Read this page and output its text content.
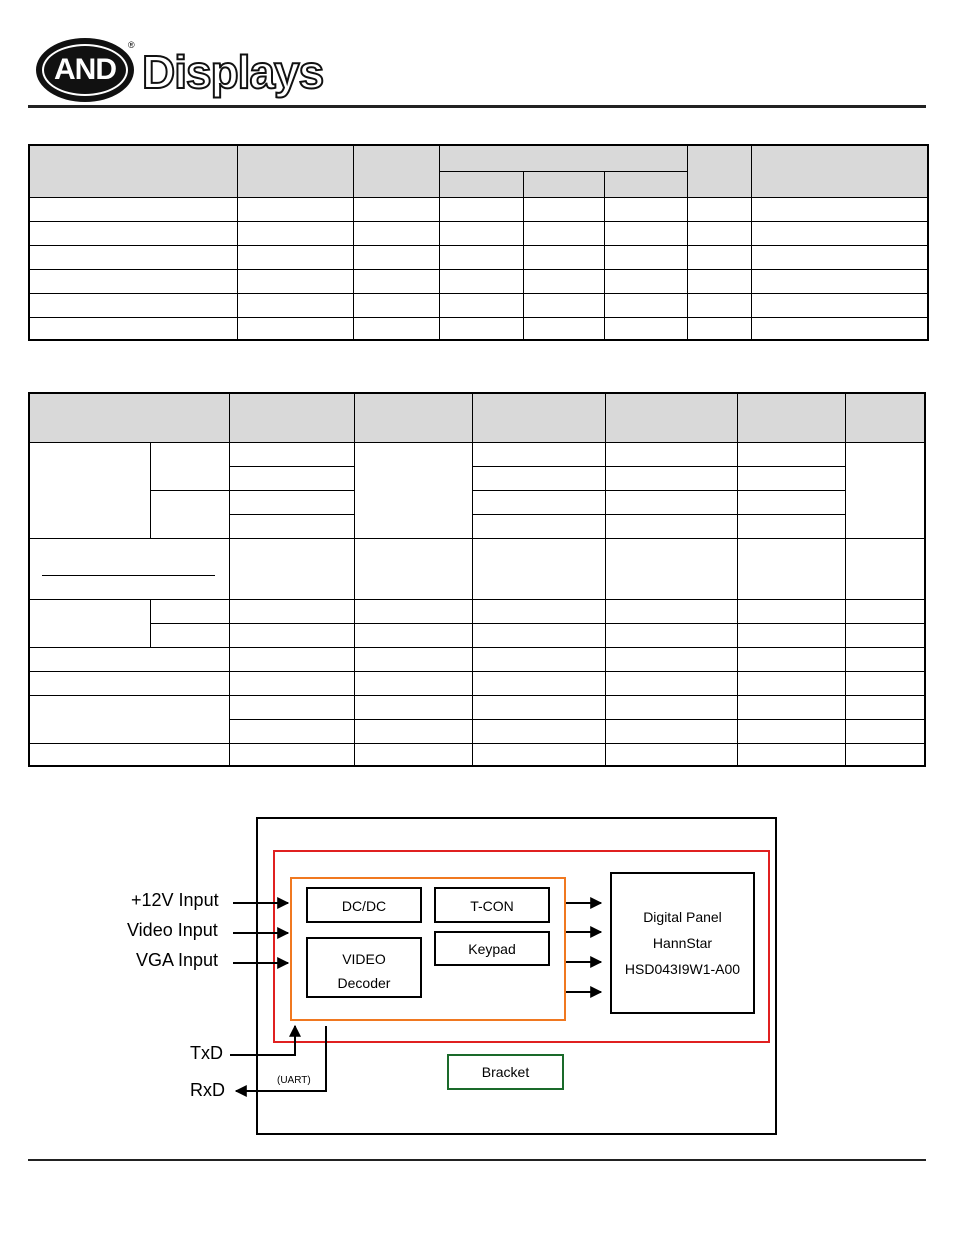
AND
®
Displays

DC/DC	T-CON
VIDEO
Decoder
Keypad
Digital Panel
HannStar
HSD043I9W1-A00
Bracket
+12V Input
Video Input
VGA Input
TxD
RxD	(UART)
